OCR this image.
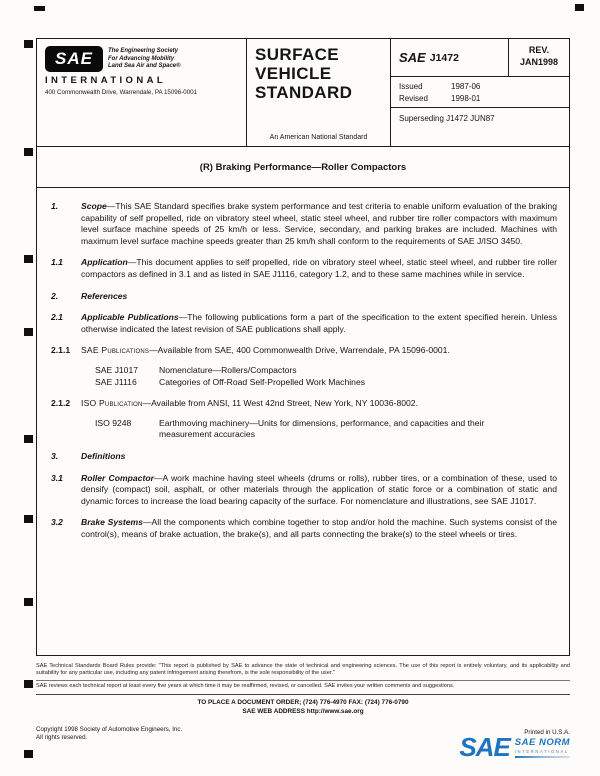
SAE	The Engineering Society
For Advancing Mobility
Land Sea Air and Space®
INTERNATIONAL
400 Commonwealth Drive, Warrendale, PA 15096-0001
SURFACE
VEHICLE
STANDARD
An American National Standard
SAE J1472
REV.
JAN1998
Issued	1987-06
Revised	1998-01
Superseding J1472 JUN87
(R) Braking Performance—Roller Compactors
1.	Scope—This SAE Standard specifies brake system performance and test criteria to enable uniform evaluation of the braking capability of self propelled, ride on vibratory steel wheel, static steel wheel, and rubber tire roller compactors with maximum level surface machine speeds of 25 km/h or less. Service, secondary, and parking brakes are included. Machines with maximum level surface machine speeds greater than 25 km/h shall conform to the requirements of SAE J/ISO 3450.

1.1	Application—This document applies to self propelled, ride on vibratory steel wheel, static steel wheel, and rubber tire roller compactors as defined in 3.1 and as listed in SAE J1116, category 1.2, and to these same machines while in service.

2.	References

2.1	Applicable Publications—The following publications form a part of the specification to the extent specified herein. Unless otherwise indicated the latest revision of SAE publications shall apply.

2.1.1	SAE Publications—Available from SAE, 400 Commonwealth Drive, Warrendale, PA 15096-0001.

SAE J1017	Nomenclature—Rollers/Compactors
SAE J1116	Categories of Off-Road Self-Propelled Work Machines
2.1.2	ISO Publication—Available from ANSI, 11 West 42nd Street, New York, NY 10036-8002.

ISO 9248	Earthmoving machinery—Units for dimensions, performance, and capacities and their measurement accuracies
3.	Definitions

3.1	Roller Compactor—A work machine having steel wheels (drums or rolls), rubber tires, or a combination of these, used to densify (compact) soil, asphalt, or other materials through the application of static force or a combination of static and dynamic forces to increase the load bearing capacity of the surface. For nomenclature and illustrations, see SAE J1017.

3.2	Brake Systems—All the components which combine together to stop and/or hold the machine. Such systems consist of the control(s), means of brake actuation, the brake(s), and all parts connecting the brake(s) to the steel wheels or tires.

SAE Technical Standards Board Rules provide: "This report is published by SAE to advance the state of technical and engineering sciences. The use of this report is entirely voluntary, and its applicability and suitability for any particular use, including any patent infringement arising therefrom, is the sole responsibility of the user."
SAE reviews each technical report at least every five years at which time it may be reaffirmed, revised, or cancelled. SAE invites your written comments and suggestions.
TO PLACE A DOCUMENT ORDER; (724) 776-4970 FAX: (724) 776-0790
SAE WEB ADDRESS http://www.sae.org
Copyright 1998 Society of Automotive Engineers, Inc.
All rights reserved.
Printed in U.S.A.
SAE SAE NORM
INTERNATIONAL
